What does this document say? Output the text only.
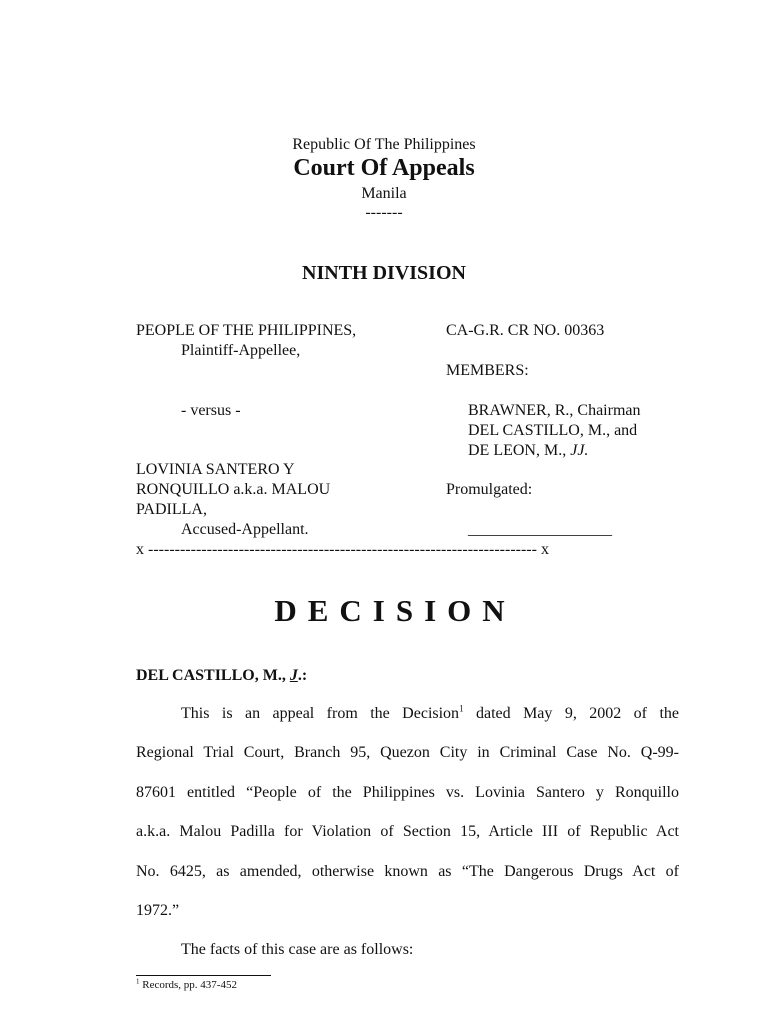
Republic Of The Philippines
Court Of Appeals
Manila
-------
NINTH DIVISION
PEOPLE OF THE PHILIPPINES,
Plaintiff-Appellee,
- versus -
LOVINIA SANTERO Y
RONQUILLO a.k.a. MALOU
PADILLA,
Accused-Appellant.
CA-G.R. CR NO. 00363
MEMBERS:
BRAWNER, R., Chairman
DEL CASTILLO, M., and
DE LEON, M., JJ.
Promulgated:
__________________
x ------------------------------------------------------------------------- x
DECISION
DEL CASTILLO, M., J.:
This is an appeal from the Decision$^1$ dated May 9, 2002 of the
Regional Trial Court, Branch 95, Quezon City in Criminal Case No. Q-99-
87601 entitled “People of the Philippines vs. Lovinia Santero y Ronquillo
a.k.a. Malou Padilla for Violation of Section 15, Article III of Republic Act
No. 6425, as amended, otherwise known as “The Dangerous Drugs Act of
1972.”
The facts of this case are as follows:
$^1$ Records, pp. 437-452
